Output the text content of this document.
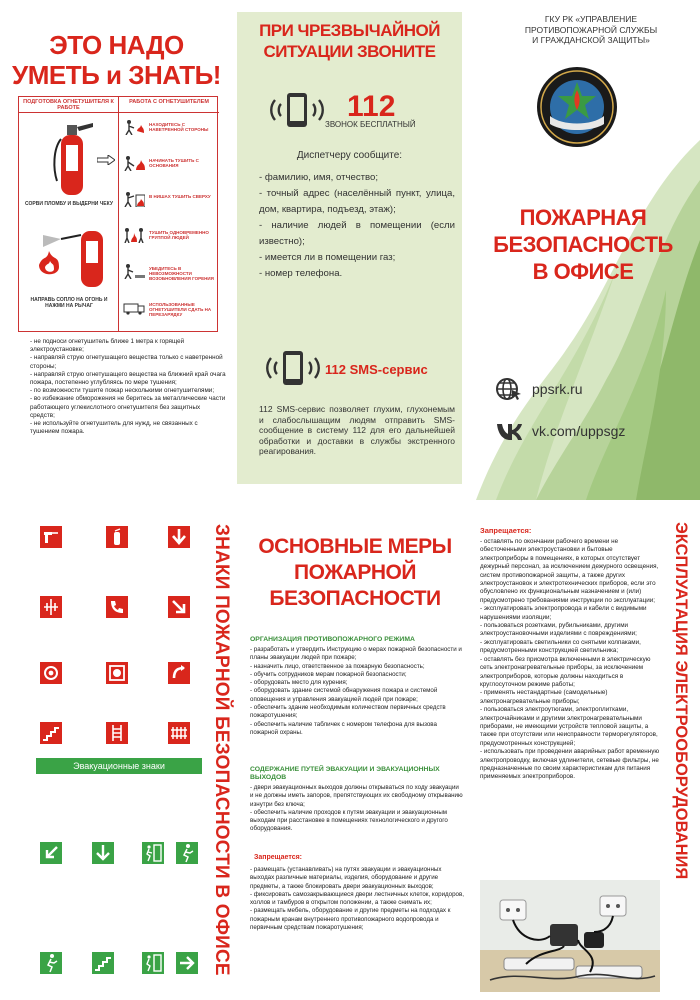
ЭТО НАДО
УМЕТЬ и ЗНАТЬ!
ПОДГОТОВКА ОГНЕТУШИТЕЛЯ К РАБОТЕ
СОРВИ ПЛОМБУ И ВЫДЕРНИ ЧЕКУ
НАПРАВЬ СОПЛО НА ОГОНЬ И НАЖМИ НА РЫЧАГ
РАБОТА С ОГНЕТУШИТЕЛЕМ
НАХОДИТЕСЬ С НАВЕТРЕННОЙ СТОРОНЫ
НАЧИНАТЬ ТУШИТЬ С ОСНОВАНИЯ
В НИШАХ ТУШИТЬ СВЕРХУ
ТУШИТЬ ОДНОВРЕМЕННО ГРУППОЙ ЛЮДЕЙ
УБЕДИТЕСЬ В НЕВОЗМОЖНОСТИ ВОЗОБНОВЛЕНИЯ ГОРЕНИЯ
ИСПОЛЬЗОВАННЫЕ ОГНЕТУШИТЕЛИ СДАТЬ НА ПЕРЕЗАРЯДКУ
- не подноси огнетушитель ближе 1 метра к горящей электроустановке;
- направляй струю огнетушащего вещества только с наветренной стороны;
- направляй струю огнетушащего вещества на ближний край очага пожара, постепенно углубляясь по мере тушения;
- по возможности тушите пожар несколькими огнетушителями;
- во избежание обморожения не беритесь за металлические части работающего углекислотного огнетушителя без защитных средств;
- не используйте огнетушитель для нужд, не связанных с тушением пожара.
ПРИ ЧРЕЗВЫЧАЙНОЙ
СИТУАЦИИ ЗВОНИТЕ
112
ЗВОНОК БЕСПЛАТНЫЙ
Диспетчеру сообщите:
- фамилию, имя, отчество;
- точный адрес (населённый пункт, улица, дом, квартира, подъезд, этаж);
- наличие людей в помещении (если известно);
- имеется ли в помещении газ;
- номер телефона.
112 SMS-сервис
112 SMS-сервис позволяет глухим, глухонемым и слабослышащим людям отправить SMS-сообщение в систему 112 для его дальнейшей обработки и доставки в службы экстренного реагирования.
ГКУ РК «УПРАВЛЕНИЕ
ПРОТИВОПОЖАРНОЙ СЛУЖБЫ
И ГРАЖДАНСКОЙ ЗАЩИТЫ»
ПОЖАРНАЯ
БЕЗОПАСНОСТЬ
В ОФИСЕ
ppsrk.ru
vk.com/uppsgz
Эвакуационные знаки	ЗНАКИ ПОЖАРНОЙ БЕЗОПАСНОСТИ В ОФИСЕ	ОСНОВНЫЕ МЕРЫ
ПОЖАРНОЙ
БЕЗОПАСНОСТИ
ОРГАНИЗАЦИЯ ПРОТИВОПОЖАРНОГО РЕЖИМА
- разработать и утвердить Инструкцию о мерах пожарной безопасности и планы эвакуации людей при пожаре;
- назначить лицо, ответственное за пожарную безопасность;
- обучить сотрудников мерам пожарной безопасности;
- оборудовать место для курения;
- оборудовать здание системой обнаружения пожара и системой оповещения и управления эвакуацией людей при пожаре;
- обеспечить здание необходимым количеством первичных средств пожаротушения;
- обеспечить наличие табличек с номером телефона для вызова пожарной охраны.
СОДЕРЖАНИЕ ПУТЕЙ ЭВАКУАЦИИ И ЭВАКУАЦИОННЫХ ВЫХОДОВ
- двери эвакуационных выходов должны открываться по ходу эвакуации и не должны иметь запоров, препятствующих их свободному открыванию изнутри без ключа;
- обеспечить наличие проходов к путям эвакуации и эвакуационным выходам при расстановке в помещениях технологического и другого оборудования.
Запрещается:
- размещать (устанавливать) на путях эвакуации и эвакуационных выходах различные материалы, изделия, оборудование и другие предметы, а также блокировать двери эвакуационных выходов;
- фиксировать самозакрывающиеся двери лестничных клеток, коридоров, холлов и тамбуров в открытом положении, а также снимать их;
- размещать мебель, оборудование и другие предметы на подходах к пожарным кранам внутреннего противопожарного водопровода и первичным средствам пожаротушения;
Запрещается:
- оставлять по окончании рабочего времени не обесточенными электроустановки и бытовые электроприборы в помещениях, в которых отсутствует дежурный персонал, за исключением дежурного освещения, систем противопожарной защиты, а также других электроустановок и электротехнических приборов, если это обусловлено их функциональным назначением и (или) предусмотрено требованиями инструкции по эксплуатации;
- эксплуатировать электропровода и кабели с видимыми нарушениями изоляции;
- пользоваться розетками, рубильниками, другими электроустановочными изделиями с повреждениями;
- эксплуатировать светильники со снятыми колпаками, предусмотренными конструкцией светильника;
- оставлять без присмотра включенными в электрическую сеть электронагревательные приборы, за исключением электроприборов, которые должны находиться в круглосуточном режиме работы;
- применять нестандартные (самодельные) электронагревательные приборы;
- пользоваться электроутюгами, электроплитками, электрочайниками и другими электронагревательными приборами, не имеющими устройств тепловой защиты, а также при отсутствии или неисправности терморегуляторов, предусмотренных конструкцией;
- использовать при проведении аварийных работ временную электропроводку, включая удлинители, сетевые фильтры, не предназначенные по своим характеристикам для питания применяемых электроприборов.	ЭКСПЛУАТАЦИЯ ЭЛЕКТРООБОРУДОВАНИЯ
